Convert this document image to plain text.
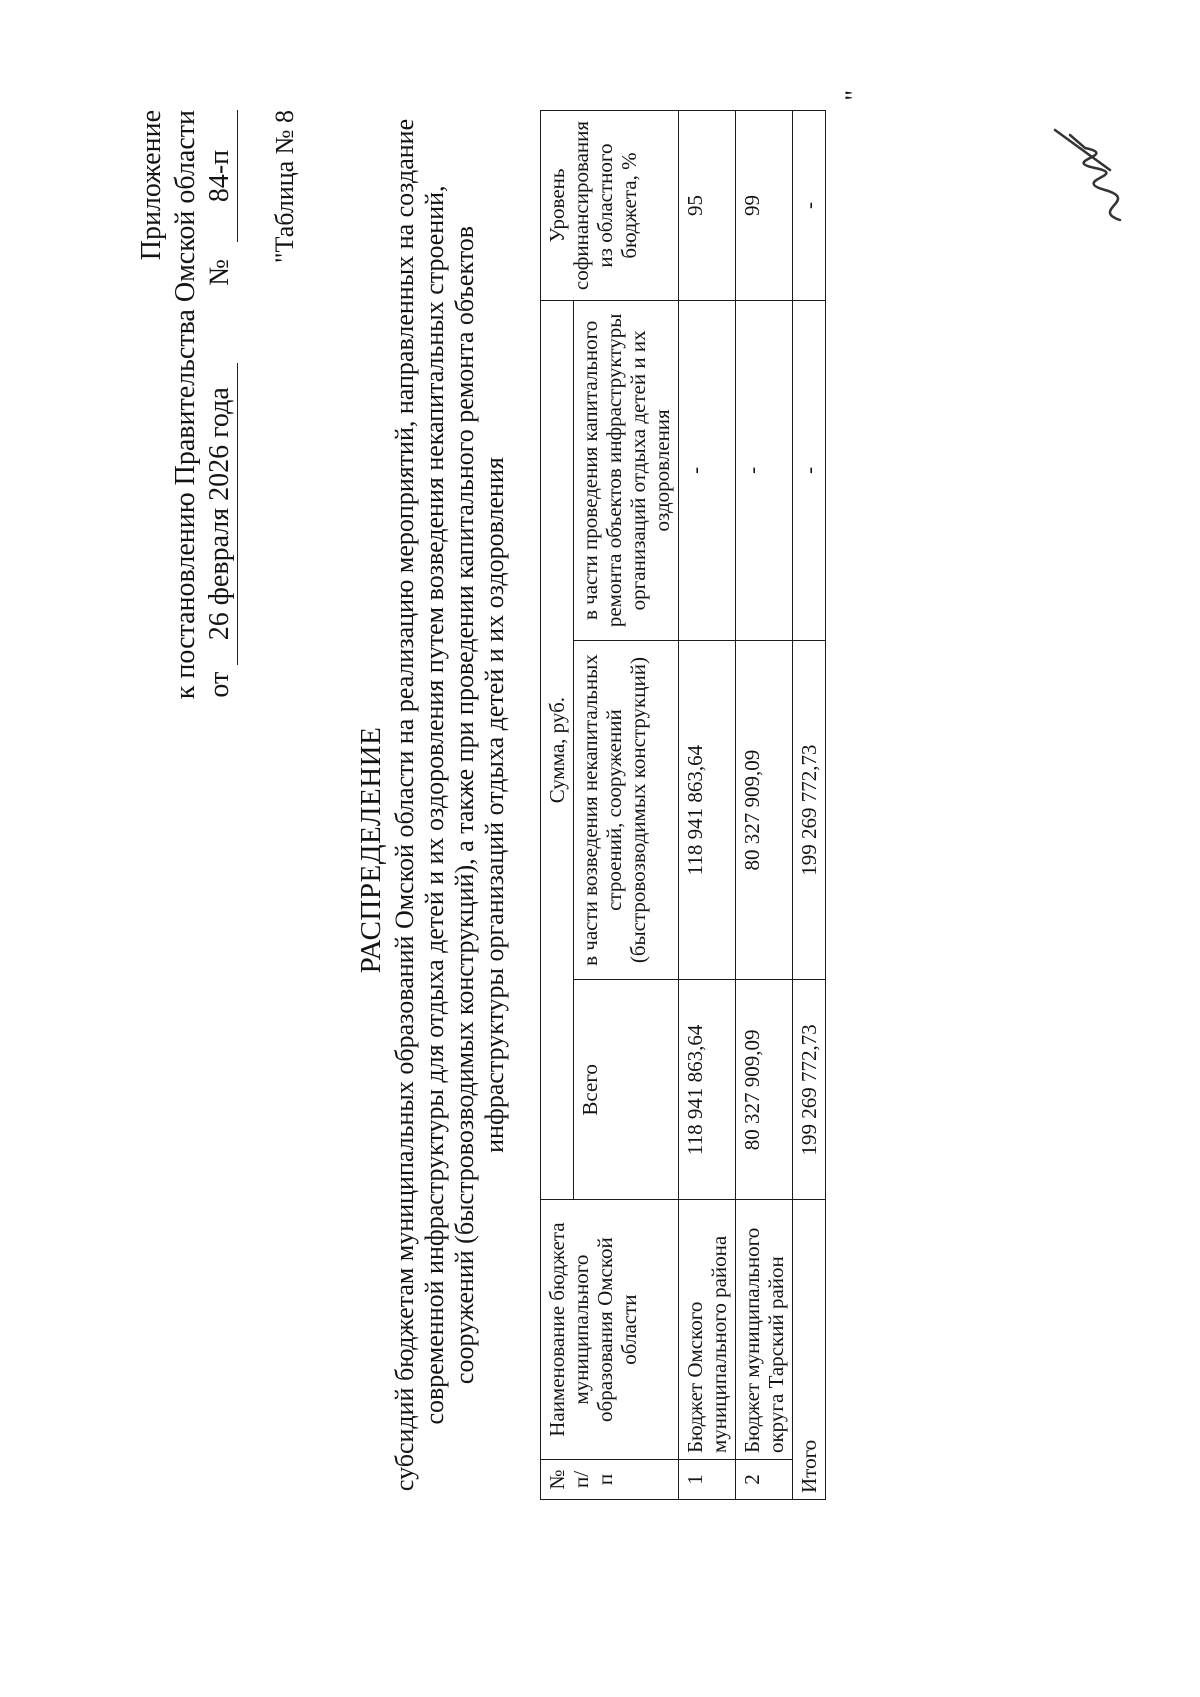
Приложение к постановлению Правительства Омской области от 26 февраля 2026 года № 84-п "Таблица № 8
РАСПРЕДЕЛЕНИЕ субсидий бюджетам муниципальных образований Омской области на реализацию мероприятий, направленных на создание современной инфраструктуры для отдыха детей и их оздоровления путем возведения некапитальных строений, сооружений (быстровозводимых конструкций), а также при проведении капитального ремонта объектов инфраструктуры организаций отдыха детей и их оздоровления
№ п/п	Наименование бюджета муниципального образования Омской области	Сумма, руб.			Уровень софинансирования из областного бюджета, %
		Всего	в части возведения некапитальных строений, сооружений (быстровозводимых конструкций)	в части проведения капитального ремонта объектов инфраструктуры организаций отдыха детей и их оздоровления	
1	Бюджет Омского муниципального района	118 941 863,64	118 941 863,64	-	95
2	Бюджет муниципального округа Тарский район	80 327 909,09	80 327 909,09	-	99
Итого		199 269 772,73	199 269 772,73	-	-
"
